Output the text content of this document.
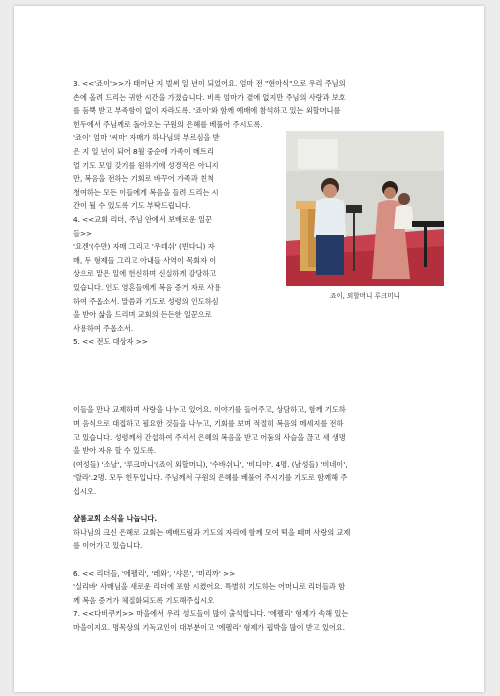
3. <<'죠이'>>가 태어난 지 벌써 일 년이 되었어요. 엄마 전 "현아식"으로 우리 주님의

손에 올려 드리는 귀한 시간을 가졌습니다. 비록 엄마가 곁에 없지만 주님의 사랑과 보호

를 듬뿍 받고 부족함이 없이 자라도록. '죠이'와 함께 예배에 참석하고 있는 외할머니를

힌두에서 주님께로 돌아오는 구원의 은혜를 베풀어 주시도록.

'죠이' 엄마 '씨마' 자매가 하나님의 부르심을 받

은 지 일 년이 되어 8월 중순에 가족이 메트리

얼 기도 모임 갖기를 원하기에 성경적은 아니지

만, 복음을 전하는 기회로 바꾸어 가족과 친척

청여하는 모든 이들에게 복음을 들려 드리는 시

간이 될 수 있도록 기도 부탁드립니다.

4. <<교회 리더, 주님 안에서 보배로운 일꾼

들>>

'요겐'(수만) 자매 그리고 '우데쉬' (빈다니) 자

매, 두 형제들 그리고 아내들 사역이 목회자 이

상으로 맡은 일에 헌신하며 신실하게 감당하고

있습니다. 인도 영혼들에게 복음 증거 자로 사용

하여 주옵소서. 말씀과 기도로 성령의 인도하심

을 받아 삶을 드리며 교회의 든든한 일꾼으로

사용하여 주옵소서.

5. << 전도 대상자 >>

죠이, 외할머니 루크미니

이들을 만나 교제하며 사랑을 나누고 있어요. 이야기를 들어주고, 상담하고, 함께 기도하

며 음식으로 대접하고 필요한 것들을 나누고, 기회를 보며 적절히 복음의 메세지를 전하

고 있습니다. 성령께서 간섭하여 주셔서 은혜의 복음을 받고 어둠의 사슬을 끊고 새 생명

을 받아 자유 할 수 있도록.

(여성들) '소날', '루크마니'(죠이 외할머니), '수바쉬니', '비디야'. 4명. (남성들) '비네이',

'랄라'.2명. 모두 힌두입니다. 주님께서 구원의 은혜를 베풀어 주시기를 기도로 함께해 주

십시오.

샬롬교회 소식을 나눕니다.

하나님의 크신 은혜로 교회는 예배드림과 기도의 자리에 함께 모여 떡을 떼며 사랑의 교제

를 이어가고 있습니다.

6. << 리더들, '에펠리', '레와', '샤론', '미리까' >>

'실리바' 사매님을 새로운 리더에 포함 시켰어요. 특별히 기도하는 어머니로 리더들과 함

께 복음 증거가 체질화되도록 기도해주십시오

7. <<다비쿠키>> 마을에서 우리 성도들이 많이 출석합니다. '에펠리' 형제가 속해 있는

마을이지요. 명목상의 기독교인이 대부분이고 '에펠리' 형제가 핍박을 많이 받고 있어요.
